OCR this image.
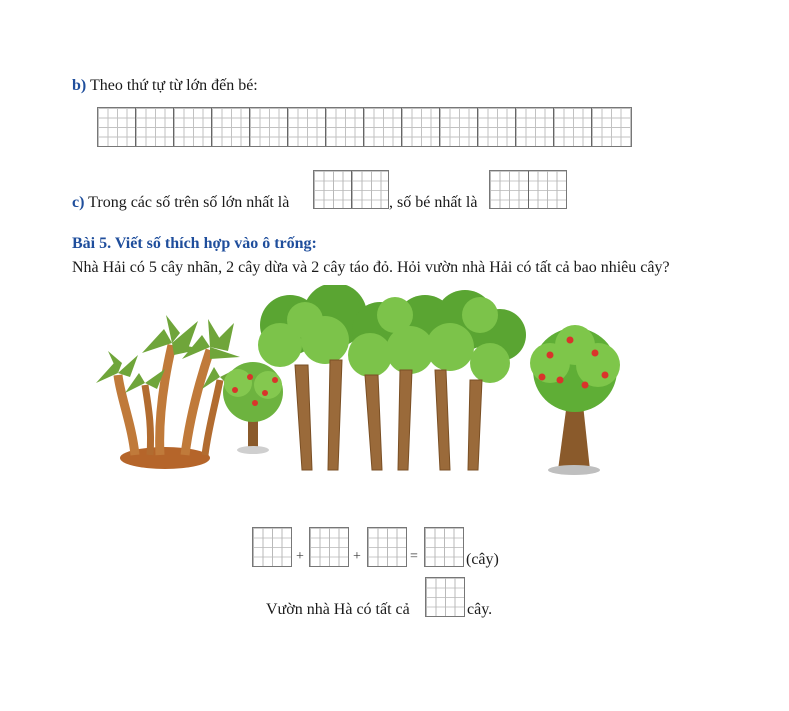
b) Theo thứ tự từ lớn đến bé:
c) Trong các số trên số lớn nhất là	, số bé nhất là
Bài 5. Viết số thích hợp vào ô trống:
Nhà Hải có 5 cây nhãn, 2 cây dừa và 2 cây táo đỏ. Hỏi vườn nhà Hải có tất cả bao nhiêu cây?
+	+	=	(cây)
Vườn nhà Hà có tất cả	cây.
